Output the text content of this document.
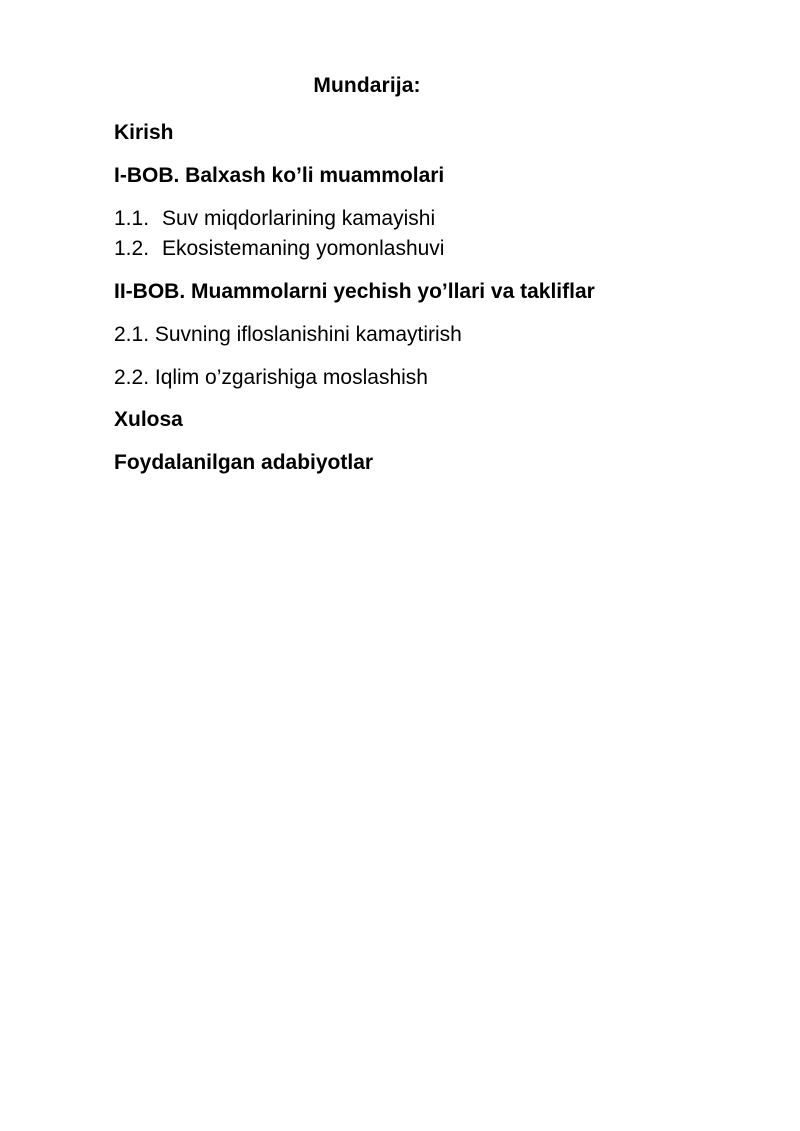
Mundarija:
Kirish
I-BOB. Balxash ko’li muammolari
1.1. Suv miqdorlarining kamayishi
1.2. Ekosistemaning yomonlashuvi
II-BOB. Muammolarni yechish yo’llari va takliflar
2.1. Suvning ifloslanishini kamaytirish
2.2. Iqlim o’zgarishiga moslashish
Xulosa
Foydalanilgan adabiyotlar
